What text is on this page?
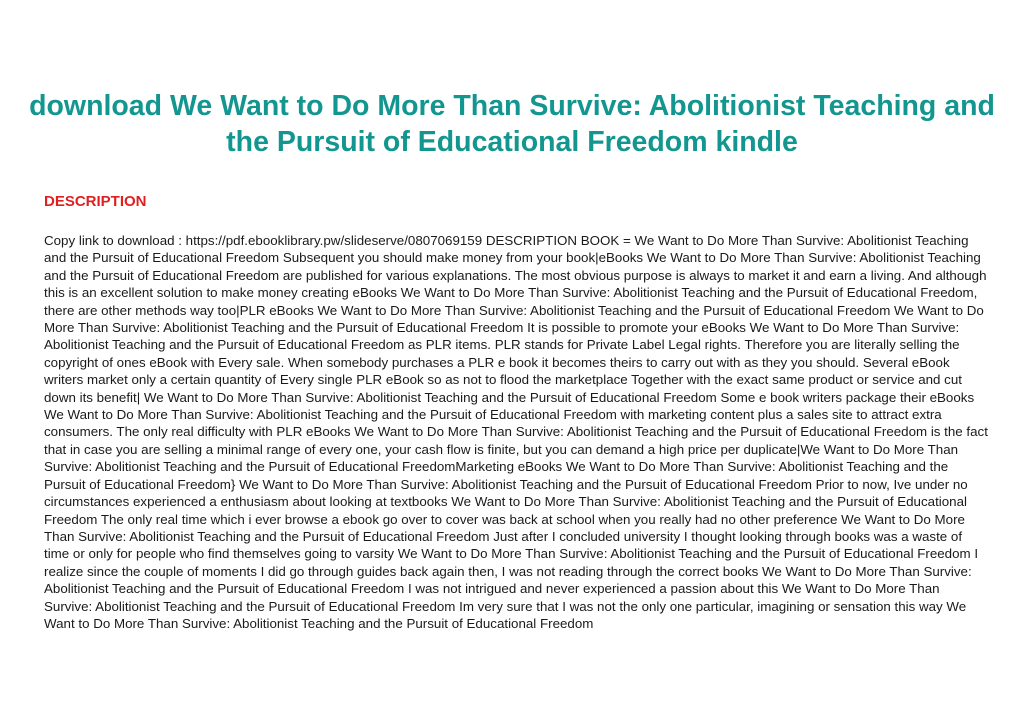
download We Want to Do More Than Survive: Abolitionist Teaching and the Pursuit of Educational Freedom kindle
DESCRIPTION

Copy link to download : https://pdf.ebooklibrary.pw/slideserve/0807069159 DESCRIPTION BOOK = We Want to Do More Than Survive: Abolitionist Teaching and the Pursuit of Educational Freedom Subsequent you should make money from your book|eBooks We Want to Do More Than Survive: Abolitionist Teaching and the Pursuit of Educational Freedom are published for various explanations. The most obvious purpose is always to market it and earn a living. And although this is an excellent solution to make money creating eBooks We Want to Do More Than Survive: Abolitionist Teaching and the Pursuit of Educational Freedom, there are other methods way too|PLR eBooks We Want to Do More Than Survive: Abolitionist Teaching and the Pursuit of Educational Freedom We Want to Do More Than Survive: Abolitionist Teaching and the Pursuit of Educational Freedom It is possible to promote your eBooks We Want to Do More Than Survive: Abolitionist Teaching and the Pursuit of Educational Freedom as PLR items. PLR stands for Private Label Legal rights. Therefore you are literally selling the copyright of ones eBook with Every sale. When somebody purchases a PLR e book it becomes theirs to carry out with as they you should. Several eBook writers market only a certain quantity of Every single PLR eBook so as not to flood the marketplace Together with the exact same product or service and cut down its benefit| We Want to Do More Than Survive: Abolitionist Teaching and the Pursuit of Educational Freedom Some e book writers package their eBooks We Want to Do More Than Survive: Abolitionist Teaching and the Pursuit of Educational Freedom with marketing content plus a sales site to attract extra consumers. The only real difficulty with PLR eBooks We Want to Do More Than Survive: Abolitionist Teaching and the Pursuit of Educational Freedom is the fact that in case you are selling a minimal range of every one, your cash flow is finite, but you can demand a high price per duplicate|We Want to Do More Than Survive: Abolitionist Teaching and the Pursuit of Educational FreedomMarketing eBooks We Want to Do More Than Survive: Abolitionist Teaching and the Pursuit of Educational Freedom} We Want to Do More Than Survive: Abolitionist Teaching and the Pursuit of Educational Freedom Prior to now, Ive under no circumstances experienced a enthusiasm about looking at textbooks We Want to Do More Than Survive: Abolitionist Teaching and the Pursuit of Educational Freedom The only real time which i ever browse a ebook go over to cover was back at school when you really had no other preference We Want to Do More Than Survive: Abolitionist Teaching and the Pursuit of Educational Freedom Just after I concluded university I thought looking through books was a waste of time or only for people who find themselves going to varsity We Want to Do More Than Survive: Abolitionist Teaching and the Pursuit of Educational Freedom I realize since the couple of moments I did go through guides back again then, I was not reading through the correct books We Want to Do More Than Survive: Abolitionist Teaching and the Pursuit of Educational Freedom I was not intrigued and never experienced a passion about this We Want to Do More Than Survive: Abolitionist Teaching and the Pursuit of Educational Freedom Im very sure that I was not the only one particular, imagining or sensation this way We Want to Do More Than Survive: Abolitionist Teaching and the Pursuit of Educational Freedom
